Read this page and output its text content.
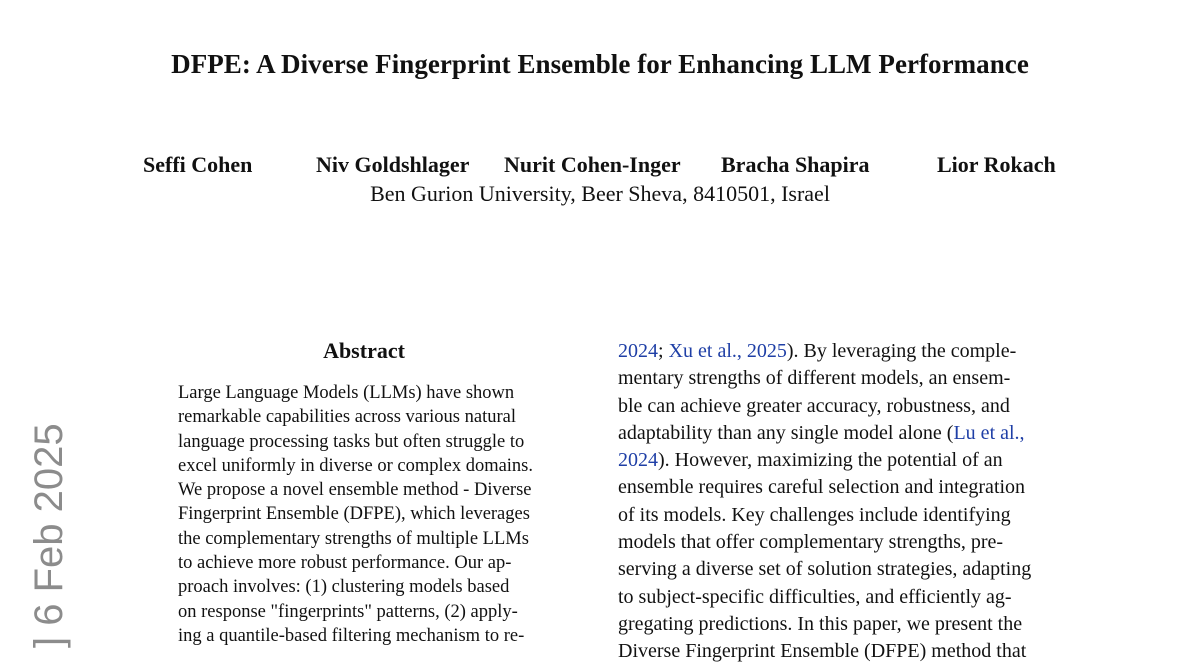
DFPE: A Diverse Fingerprint Ensemble for Enhancing LLM Performance
Seffi Cohen	Niv Goldshlager Nurit Cohen-Inger Bracha Shapira	Lior Rokach
Ben Gurion University, Beer Sheva, 8410501, Israel
] 6 Feb 2025
Abstract
Large Language Models (LLMs) have shown
remarkable capabilities across various natural
language processing tasks but often struggle to
excel uniformly in diverse or complex domains.
We propose a novel ensemble method - Diverse
Fingerprint Ensemble (DFPE), which leverages
the complementary strengths of multiple LLMs
to achieve more robust performance. Our ap-
proach involves: (1) clustering models based
on response "fingerprints" patterns, (2) apply-
ing a quantile-based filtering mechanism to re-
2024; Xu et al., 2025). By leveraging the comple-
mentary strengths of different models, an ensem-
ble can achieve greater accuracy, robustness, and
adaptability than any single model alone (Lu et al.,
2024). However, maximizing the potential of an
ensemble requires careful selection and integration
of its models. Key challenges include identifying
models that offer complementary strengths, pre-
serving a diverse set of solution strategies, adapting
to subject-specific difficulties, and efficiently ag-
gregating predictions. In this paper, we present the
Diverse Fingerprint Ensemble (DFPE) method that
